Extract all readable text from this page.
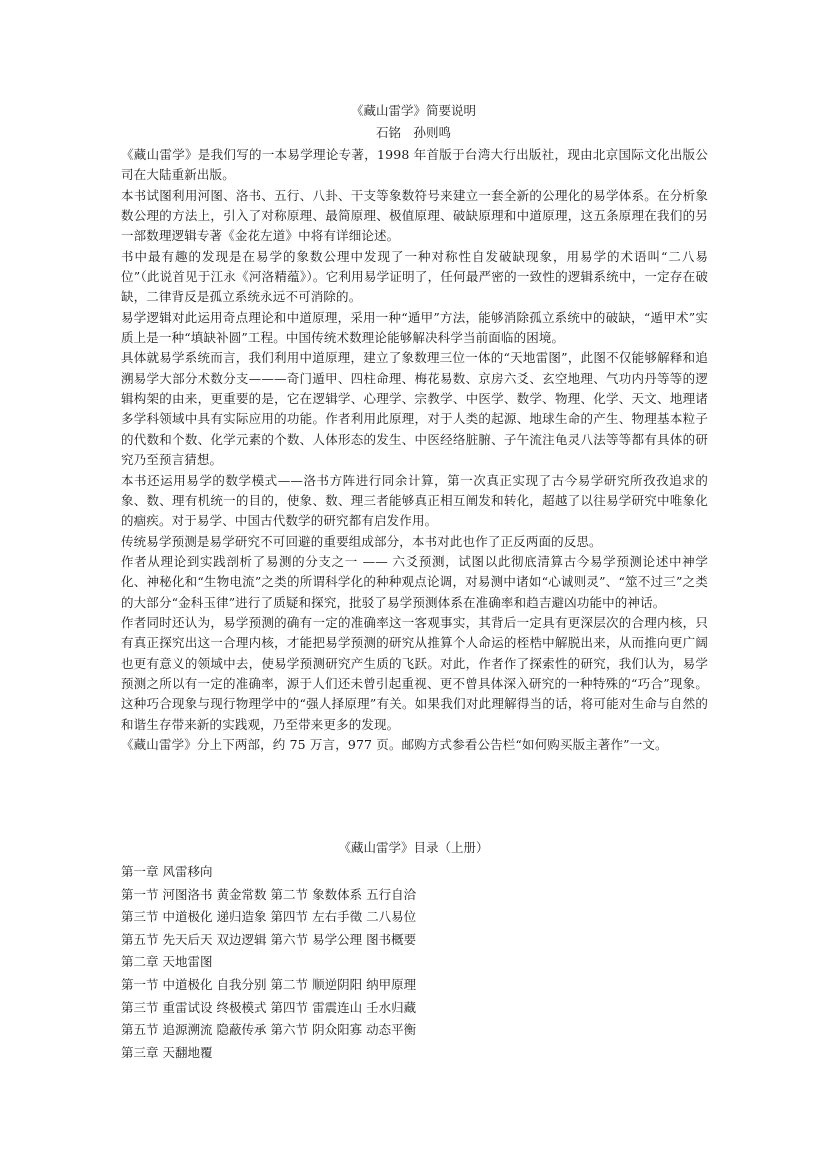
《藏山雷学》简要说明
石铭　孙则鸣

《藏山雷学》是我们写的一本易学理论专著，1998 年首版于台湾大行出版社，现由北京国际文化出版公司在大陆重新出版。

本书试图利用河图、洛书、五行、八卦、干支等象数符号来建立一套全新的公理化的易学体系。在分析象数公理的方法上，引入了对称原理、最简原理、极值原理、破缺原理和中道原理，这五条原理在我们的另一部数理逻辑专著《金花左道》中将有详细论述。

书中最有趣的发现是在易学的象数公理中发现了一种对称性自发破缺现象，用易学的术语叫“二八易位”（此说首见于江永《河洛精蕴》）。它利用易学证明了，任何最严密的一致性的逻辑系统中，一定存在破缺，二律背反是孤立系统永远不可消除的。

易学逻辑对此运用奇点理论和中道原理，采用一种“遁甲”方法，能够消除孤立系统中的破缺，“遁甲术”实质上是一种“填缺补圆”工程。中国传统术数理论能够解决科学当前面临的困境。

具体就易学系统而言，我们利用中道原理，建立了象数理三位一体的“天地雷图”，此图不仅能够解释和追溯易学大部分术数分支———奇门遁甲、四柱命理、梅花易数、京房六爻、玄空地理、气功内丹等等的逻辑构架的由来，更重要的是，它在逻辑学、心理学、宗教学、中医学、数学、物理、化学、天文、地理诸多学科领域中具有实际应用的功能。作者利用此原理，对于人类的起源、地球生命的产生、物理基本粒子的代数和个数、化学元素的个数、人体形态的发生、中医经络脏腑、子午流注龟灵八法等等都有具体的研究乃至预言猜想。

本书还运用易学的数学模式——洛书方阵进行同余计算，第一次真正实现了古今易学研究所孜孜追求的象、数、理有机统一的目的，使象、数、理三者能够真正相互阐发和转化，超越了以往易学研究中唯象化的痼疾。对于易学、中国古代数学的研究都有启发作用。

传统易学预测是易学研究不可回避的重要组成部分，本书对此也作了正反两面的反思。

作者从理论到实践剖析了易测的分支之一 —— 六爻预测，试图以此彻底清算古今易学预测论述中神学化、神秘化和“生物电流”之类的所谓科学化的种种观点论调，对易测中诸如“心诚则灵”、“筮不过三”之类的大部分“金科玉律”进行了质疑和探究，批驳了易学预测体系在准确率和趋吉避凶功能中的神话。

作者同时还认为，易学预测的确有一定的准确率这一客观事实，其背后一定具有更深层次的合理内核，只有真正探究出这一合理内核，才能把易学预测的研究从推算个人命运的桎梏中解脱出来，从而推向更广阔也更有意义的领域中去，使易学预测研究产生质的飞跃。对此，作者作了探索性的研究，我们认为，易学预测之所以有一定的准确率，源于人们还未曾引起重视、更不曾具体深入研究的一种特殊的“巧合”现象。这种巧合现象与现行物理学中的“强人择原理”有关。如果我们对此理解得当的话，将可能对生命与自然的和谐生存带来新的实践观，乃至带来更多的发现。

《藏山雷学》分上下两部，约 75 万言，977 页。邮购方式参看公告栏“如何购买版主著作”一文。

《藏山雷学》目录（上册）
第一章 风雷移向
第一节 河图洛书 黄金常数 第二节 象数体系 五行自洽
第三节 中道极化 递归造象 第四节 左右手徵 二八易位
第五节 先天后天 双边逻辑 第六节 易学公理 图书概要
第二章 天地雷图
第一节 中道极化 自我分别 第二节 顺逆阴阳 纳甲原理
第三节 重雷试设 终极模式 第四节 雷震连山 壬水归藏
第五节 追源溯流 隐蔽传承 第六节 阴众阳寡 动态平衡
第三章 天翻地覆
